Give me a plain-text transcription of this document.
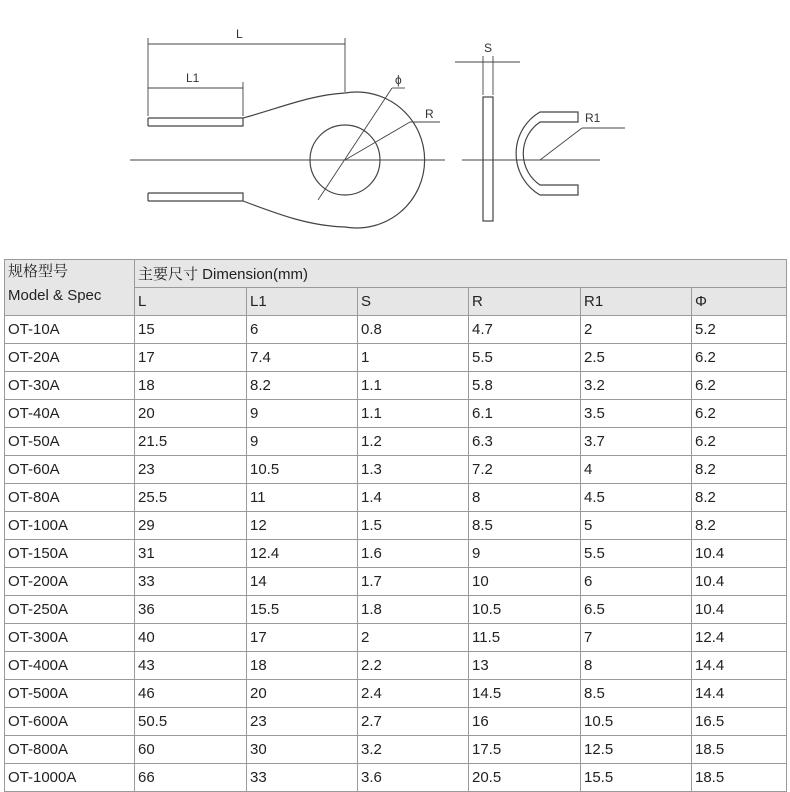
L
L1	ϕ
R
S
R1
规格型号
Model & Spec	主要尺寸 Dimension(mm)					
	L	L1	S	R	R1	Φ
OT-10A	15	6	0.8	4.7	2	5.2
OT-20A	17	7.4	1	5.5	2.5	6.2
OT-30A	18	8.2	1.1	5.8	3.2	6.2
OT-40A	20	9	1.1	6.1	3.5	6.2
OT-50A	21.5	9	1.2	6.3	3.7	6.2
OT-60A	23	10.5	1.3	7.2	4	8.2
OT-80A	25.5	11	1.4	8	4.5	8.2
OT-100A	29	12	1.5	8.5	5	8.2
OT-150A	31	12.4	1.6	9	5.5	10.4
OT-200A	33	14	1.7	10	6	10.4
OT-250A	36	15.5	1.8	10.5	6.5	10.4
OT-300A	40	17	2	11.5	7	12.4
OT-400A	43	18	2.2	13	8	14.4
OT-500A	46	20	2.4	14.5	8.5	14.4
OT-600A	50.5	23	2.7	16	10.5	16.5
OT-800A	60	30	3.2	17.5	12.5	18.5
OT-1000A	66	33	3.6	20.5	15.5	18.5
